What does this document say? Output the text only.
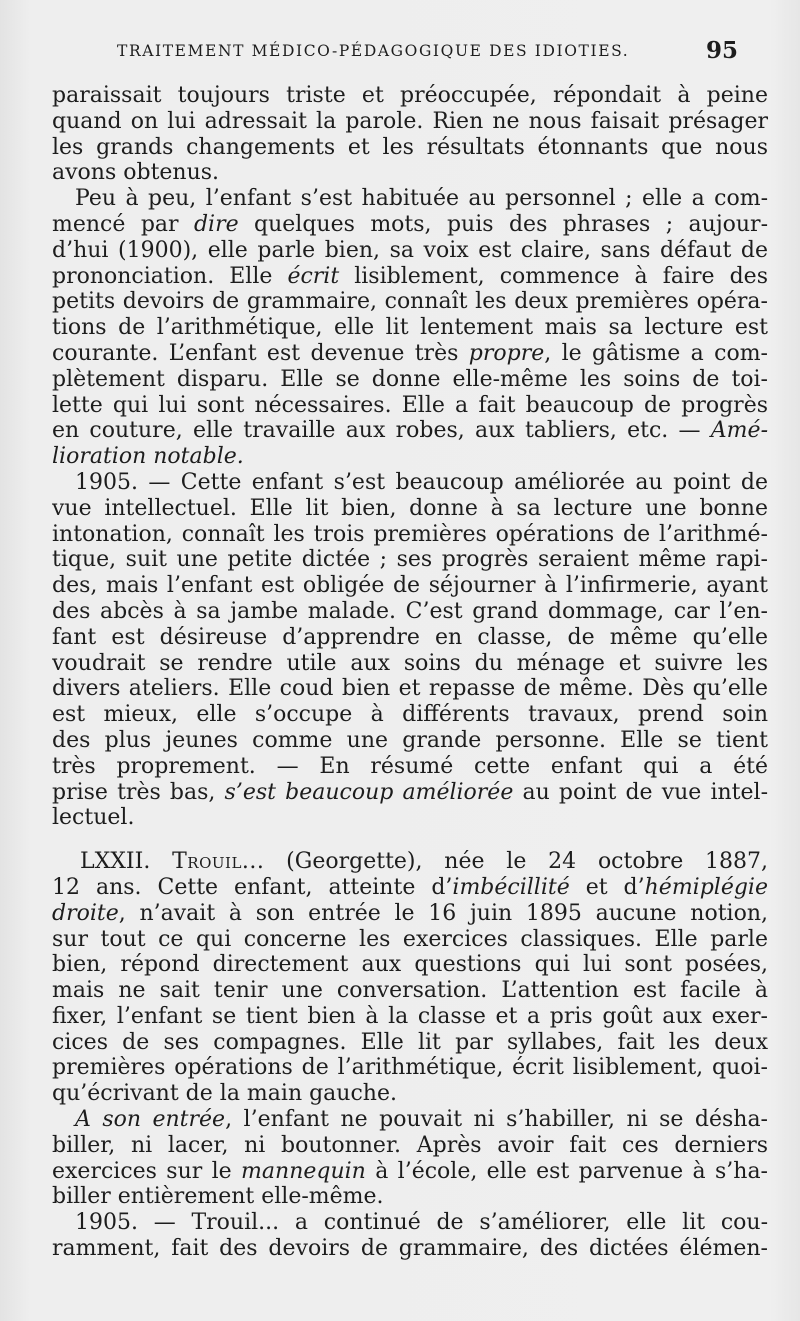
TRAITEMENT MÉDICO-PÉDAGOGIQUE DES IDIOTIES.	95
paraissait toujours triste et préoccupée, répondait à peine
quand on lui adressait la parole. Rien ne nous faisait présager
les grands changements et les résultats étonnants que nous
avons obtenus.
Peu à peu, l’enfant s’est habituée au personnel ; elle a com-
mencé par dire quelques mots, puis des phrases ; aujour-
d’hui (1900), elle parle bien, sa voix est claire, sans défaut de
prononciation. Elle écrit lisiblement, commence à faire des
petits devoirs de grammaire, connaît les deux premières opéra-
tions de l’arithmétique, elle lit lentement mais sa lecture est
courante. L’enfant est devenue très propre, le gâtisme a com-
plètement disparu. Elle se donne elle-même les soins de toi-
lette qui lui sont nécessaires. Elle a fait beaucoup de progrès
en couture, elle travaille aux robes, aux tabliers, etc. — Amé-
lioration notable.
1905. — Cette enfant s’est beaucoup améliorée au point de
vue intellectuel. Elle lit bien, donne à sa lecture une bonne
intonation, connaît les trois premières opérations de l’arithmé-
tique, suit une petite dictée ; ses progrès seraient même rapi-
des, mais l’enfant est obligée de séjourner à l’infirmerie, ayant
des abcès à sa jambe malade. C’est grand dommage, car l’en-
fant est désireuse d’apprendre en classe, de même qu’elle
voudrait se rendre utile aux soins du ménage et suivre les
divers ateliers. Elle coud bien et repasse de même. Dès qu’elle
est mieux, elle s’occupe à différents travaux, prend soin
des plus jeunes comme une grande personne. Elle se tient
très proprement. — En résumé cette enfant qui a été
prise très bas, s’est beaucoup améliorée au point de vue intel-
lectuel.
LXXII. Trouil... (Georgette), née le 24 octobre 1887,
12 ans. Cette enfant, atteinte d’imbécillité et d’hémiplégie
droite, n’avait à son entrée le 16 juin 1895 aucune notion,
sur tout ce qui concerne les exercices classiques. Elle parle
bien, répond directement aux questions qui lui sont posées,
mais ne sait tenir une conversation. L’attention est facile à
fixer, l’enfant se tient bien à la classe et a pris goût aux exer-
cices de ses compagnes. Elle lit par syllabes, fait les deux
premières opérations de l’arithmétique, écrit lisiblement, quoi-
qu’écrivant de la main gauche.
A son entrée, l’enfant ne pouvait ni s’habiller, ni se désha-
biller, ni lacer, ni boutonner. Après avoir fait ces derniers
exercices sur le mannequin à l’école, elle est parvenue à s’ha-
biller entièrement elle-même.
1905. — Trouil... a continué de s’améliorer, elle lit cou-
ramment, fait des devoirs de grammaire, des dictées élémen-
